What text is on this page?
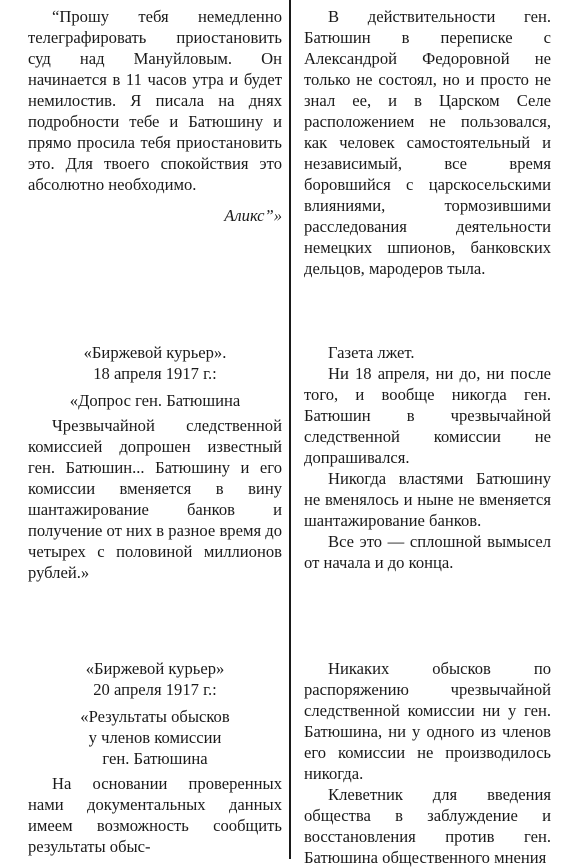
“Прошу тебя немедленно телеграфировать приостановить суд над Мануйловым. Он начинается в 11 часов утра и будет немилостив. Я писала на днях подробности тебе и Батюшину и прямо просила тебя приостановить это. Для твоего спокойствия это абсолютно необходимо.

Аликс”»

В действительности ген. Батюшин в переписке с Александрой Федоровной не только не состоял, но и просто не знал ее, и в Царском Селе расположением не пользовался, как человек самостоятельный и независимый, все время боровшийся с царскосельскими влияниями, тормозившими расследования деятельности немецких шпионов, банковских дельцов, мародеров тыла.

«Биржевой курьер».

18 апреля 1917 г.:

«Допрос ген. Батюшина

Чрезвычайной следственной комиссией допрошен известный ген. Батюшин... Батюшину и его комиссии вменяется в вину шантажирование банков и получение от них в разное время до четырех с половиной миллионов рублей.»

Газета лжет.

Ни 18 апреля, ни до, ни после того, и вообще никогда ген. Батюшин в чрезвычайной следственной комиссии не допрашивался.

Никогда властями Батюшину не вменялось и ныне не вменяется шантажирование банков.

Все это — сплошной вымысел от начала и до конца.

«Биржевой курьер»

20 апреля 1917 г.:

«Результаты обысков

у членов комиссии

ген. Батюшина

На основании проверенных нами документальных данных имеем возможность сообщить результаты обыс-

Никаких обысков по распоряжению чрезвычайной следственной комиссии ни у ген. Батюшина, ни у одного из членов его комиссии не производилось никогда.

Клеветник для введения общества в заблуждение и восстановления против ген. Батюшина общественного мнения
